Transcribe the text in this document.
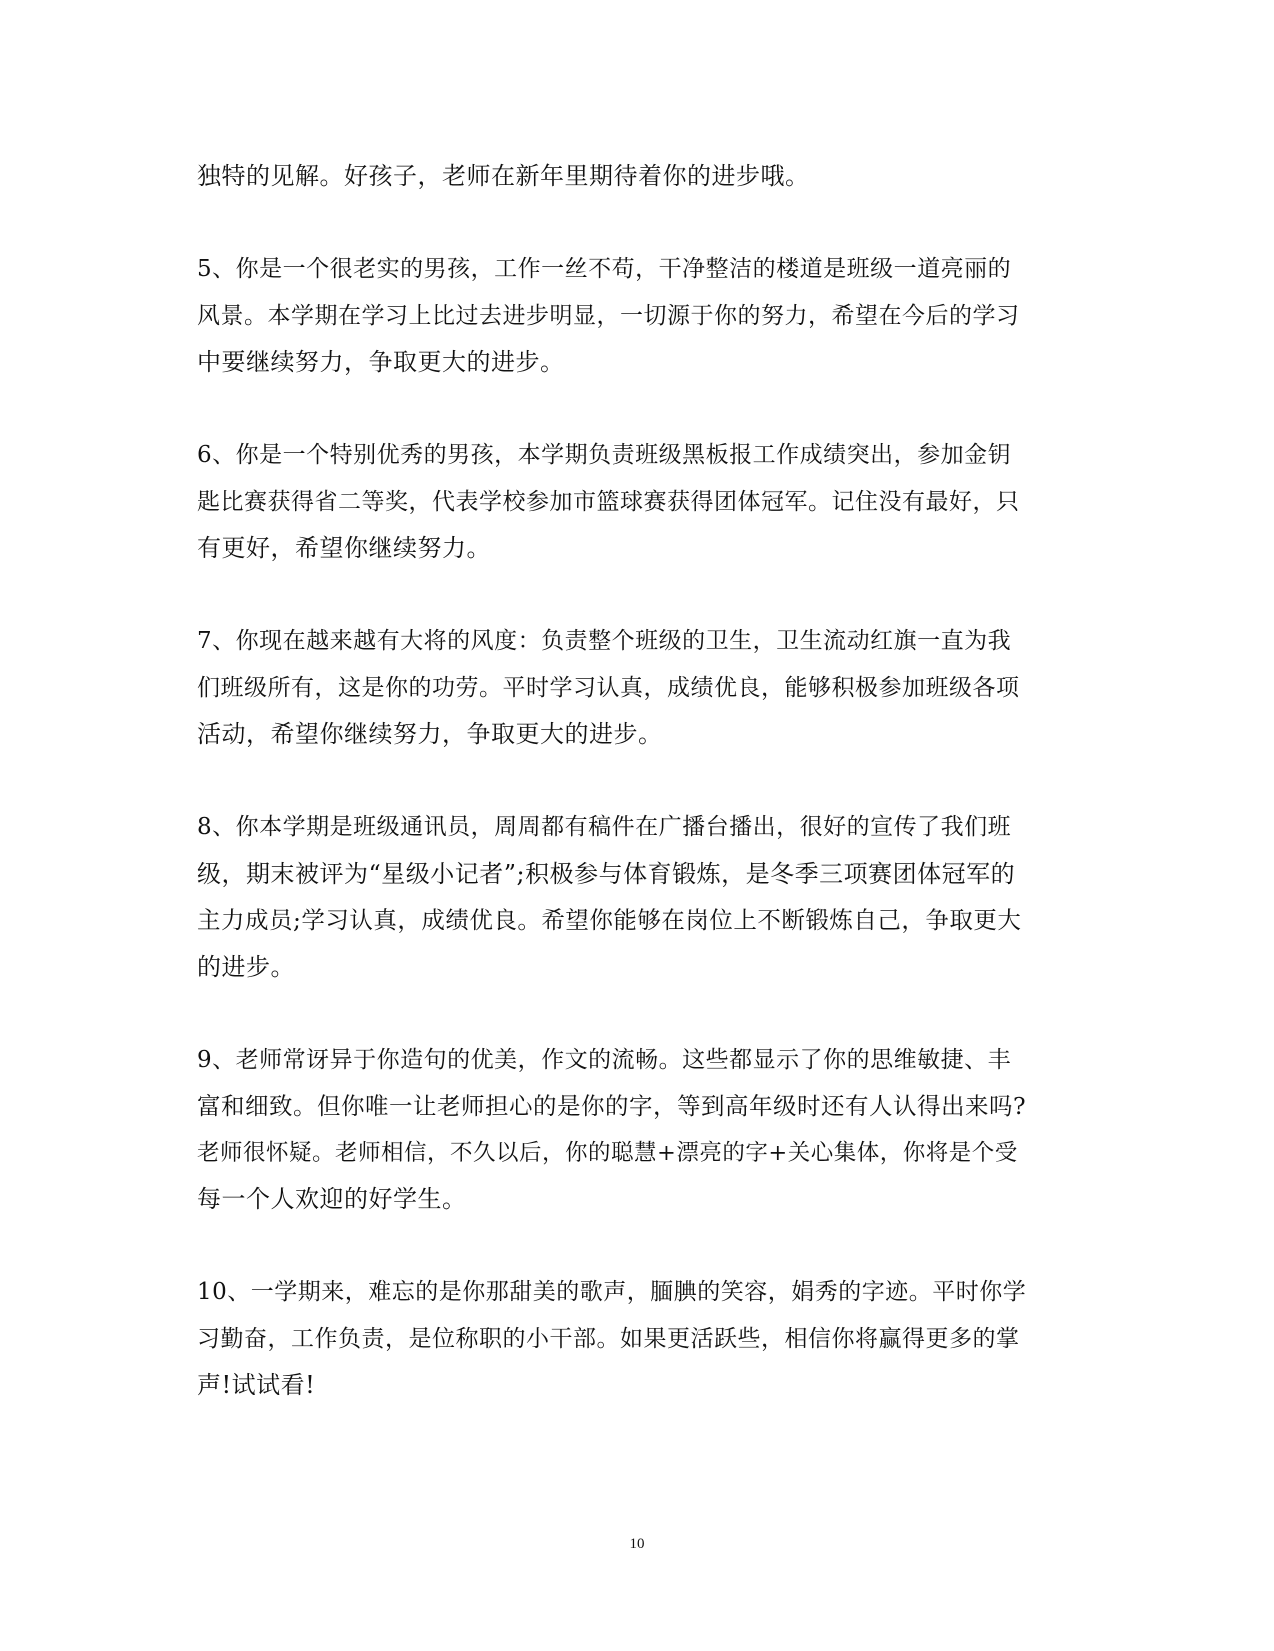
独特的见解。好孩子，老师在新年里期待着你的进步哦。
5、你是一个很老实的男孩，工作一丝不苟，干净整洁的楼道是班级一道亮丽的
风景。本学期在学习上比过去进步明显，一切源于你的努力，希望在今后的学习
中要继续努力，争取更大的进步。
6、你是一个特别优秀的男孩，本学期负责班级黑板报工作成绩突出，参加金钥
匙比赛获得省二等奖，代表学校参加市篮球赛获得团体冠军。记住没有最好，只
有更好，希望你继续努力。
7、你现在越来越有大将的风度：负责整个班级的卫生，卫生流动红旗一直为我
们班级所有，这是你的功劳。平时学习认真，成绩优良，能够积极参加班级各项
活动，希望你继续努力，争取更大的进步。
8、你本学期是班级通讯员，周周都有稿件在广播台播出，很好的宣传了我们班
级，期末被评为“星级小记者”;积极参与体育锻炼，是冬季三项赛团体冠军的
主力成员;学习认真，成绩优良。希望你能够在岗位上不断锻炼自己，争取更大
的进步。
9、老师常讶异于你造句的优美，作文的流畅。这些都显示了你的思维敏捷、丰
富和细致。但你唯一让老师担心的是你的字，等到高年级时还有人认得出来吗?
老师很怀疑。老师相信，不久以后，你的聪慧+漂亮的字+关心集体，你将是个受
每一个人欢迎的好学生。
10、一学期来，难忘的是你那甜美的歌声，腼腆的笑容，娟秀的字迹。平时你学
习勤奋，工作负责，是位称职的小干部。如果更活跃些，相信你将赢得更多的掌
声!试试看!
10
